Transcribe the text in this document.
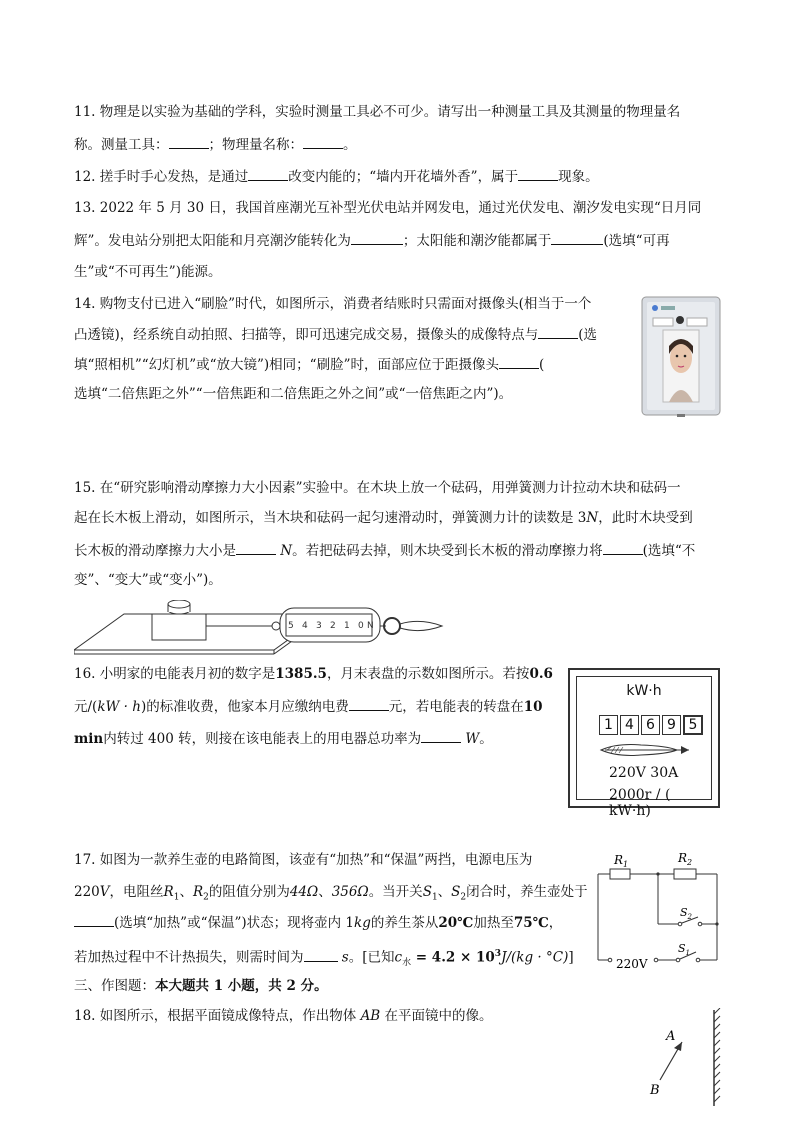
11. 物理是以实验为基础的学科，实验时测量工具必不可少。请写出一种测量工具及其测量的物理量名
称。测量工具：	；物理量名称：	。
12. 搓手时手心发热，是通过	改变内能的；“墙内开花墙外香”，属于	现象。
13. 2022 年 5 月 30 日，我国首座潮光互补型光伏电站并网发电，通过光伏发电、潮汐发电实现“日月同
辉”。发电站分别把太阳能和月亮潮汐能转化为	；太阳能和潮汐能都属于	(选填“可再
生”或“不可再生”)能源。
14. 购物支付已进入“刷脸”时代，如图所示，消费者结账时只需面对摄像头(相当于一个
凸透镜)，经系统自动拍照、扫描等，即可迅速完成交易，摄像头的成像特点与	(选
填“照相机”“幻灯机”或“放大镜”)相同；“刷脸”时，面部应位于距摄像头	(
选填“二倍焦距之外”“一倍焦距和二倍焦距之外之间”或“一倍焦距之内”)。
15. 在“研究影响滑动摩擦力大小因素”实验中。在木块上放一个砝码，用弹簧测力计拉动木块和砝码一
起在长木板上滑动，如图所示，当木块和砝码一起匀速滑动时，弹簧测力计的读数是 3N，此时木块受到
长木板的滑动摩擦力大小是	N。若把砝码去掉，则木块受到长木板的滑动摩擦力将	(选填“不
变”、“变大”或“变小”)。
5 4 3 2 1 0 N
16. 小明家的电能表月初的数字是1385.5，月末表盘的示数如图所示。若按0.6
元/(kW · h)的标准收费，他家本月应缴纳电费	元，若电能表的转盘在10
min内转过 400 转，则接在该电能表上的用电器总功率为	W。
kW·h
1 4 6 9 5
220V 30A
2000r / ( kW·h)
17. 如图为一款养生壶的电路简图，该壶有“加热”和“保温”两挡，电源电压为
220V，电阻丝$R_1$、$R_2$的阻值分别为44Ω、356Ω。当开关$S_1$、$S_2$闭合时，养生壶处于
(选填“加热”或“保温”)状态；现将壶内 1kg的养生茶从20℃加热至75℃，
若加热过程中不计热损失，则需时间为	s。[已知$c_水 = 4.2 \times 10^3J/(kg \cdot ^\circ C)$]
$R_1$	$R_2$
$S_2$
220V
$S_1$
三、作图题：本大题共 1 小题，共 2 分。
18. 如图所示，根据平面镜成像特点，作出物体 AB 在平面镜中的像。
A
B
